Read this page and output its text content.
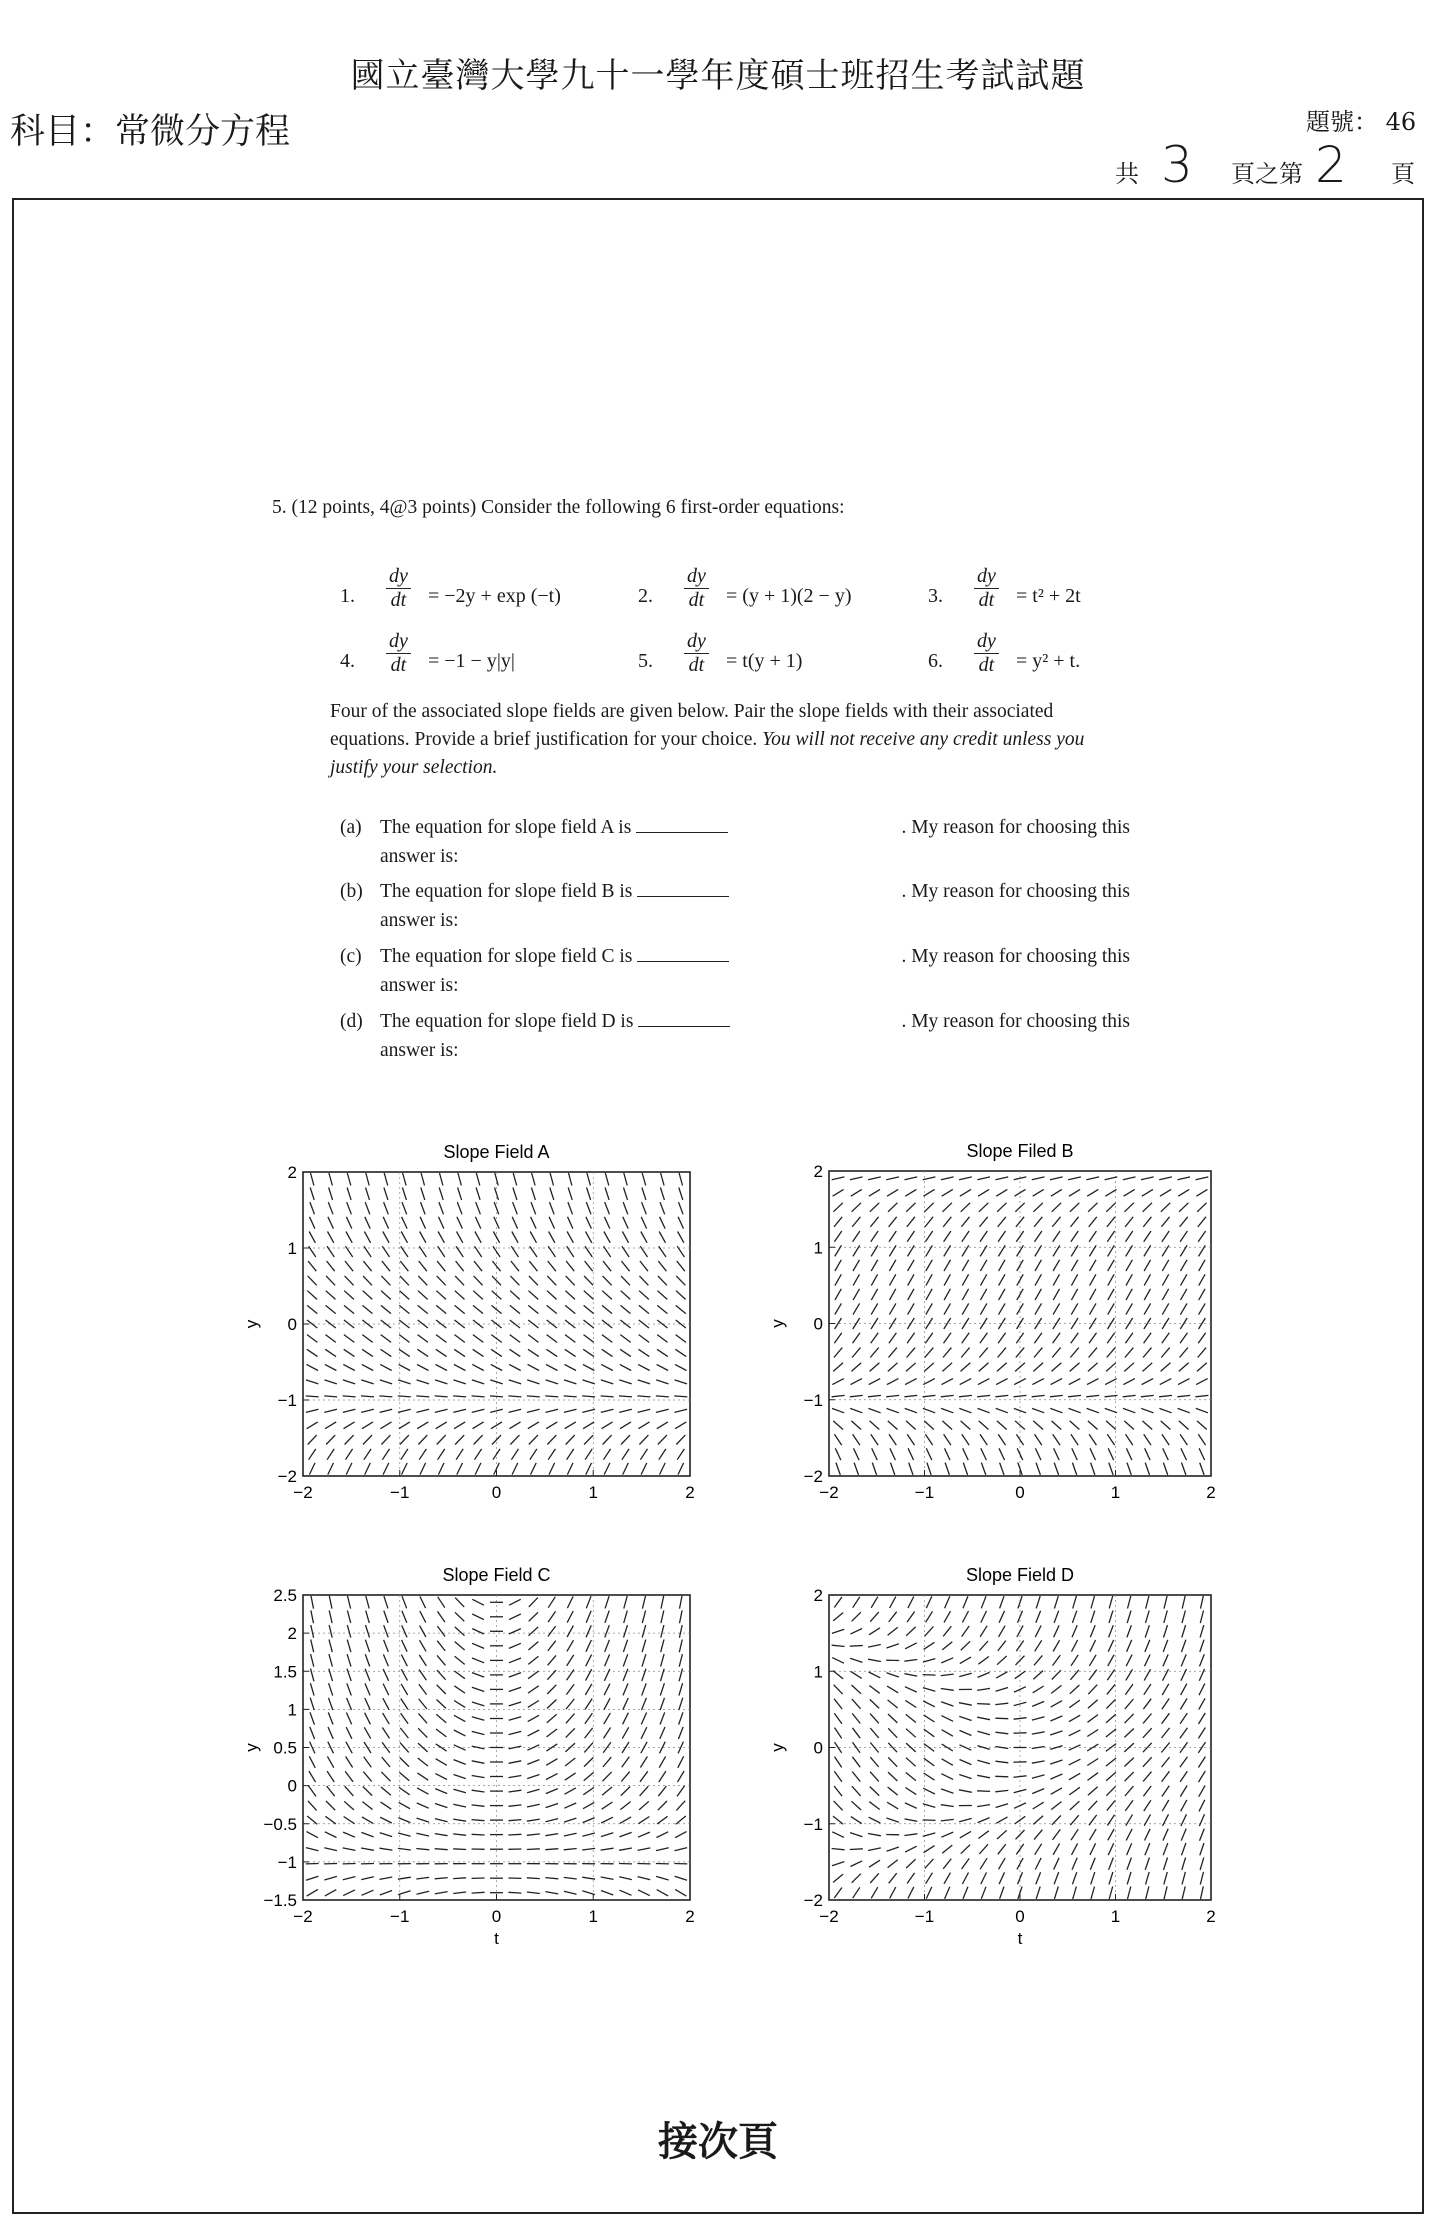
國立臺灣大學九十一學年度碩士班招生考試試題
科目：常微分方程	題號： 46
共 3 頁之第 2 頁
5. (12 points, 4@3 points) Consider the following 6 first-order equations:
1. $\frac{dy}{dt} = -2y + \exp (-t)$	2. $\frac{dy}{dt} = (y + 1)(2 - y)$	3. $\frac{dy}{dt} = t^2 + 2t$
4. $\frac{dy}{dt} = -1 - y|y|$	5. $\frac{dy}{dt} = t(y + 1)$	6. $\frac{dy}{dt} = y^2 + t$.
Four of the associated slope fields are given below. Pair the slope fields with their associated equations. Provide a brief justification for your choice. You will not receive any credit unless you justify your selection.
(a) The equation for slope field A is	. My reason for choosing this

answer is:
(b) The equation for slope field B is	. My reason for choosing this

answer is:
(c) The equation for slope field C is	. My reason for choosing this

answer is:
(d) The equation for slope field D is	. My reason for choosing this

answer is:
Slope Field A
−2	−1	0	1	2
−2
−1
0
1
2
y
Slope Filed B
−2	−1	0	1	2
−2
−1
0
1
2
y
Slope Field C
−2	−1	0	1	2
−1.5
−1
−0.5
0
0.5
1
1.5
2
2.5
y
t
Slope Field D
−2	−1	0	1	2
−2
−1
0
1
2
y
t
接次頁
